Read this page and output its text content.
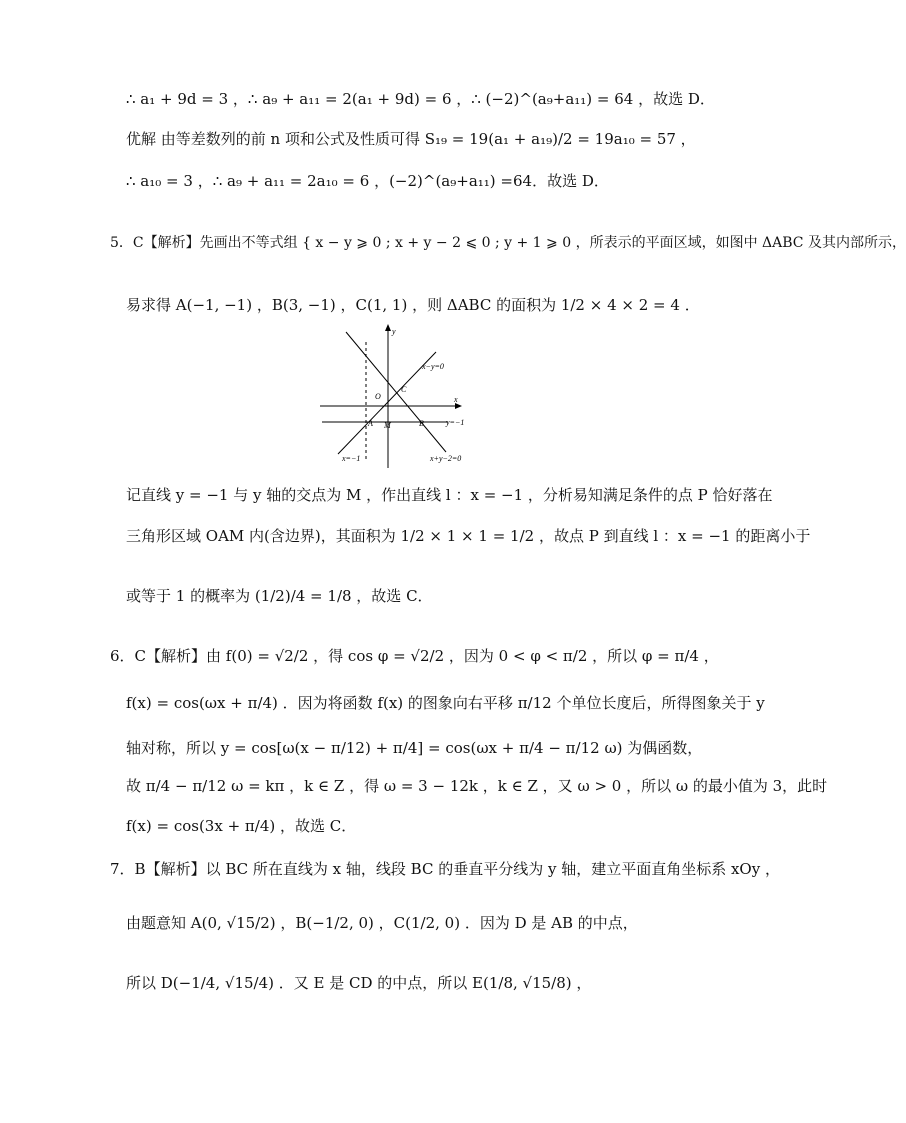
∴ a₁ + 9d = 3 ，∴ a₉ + a₁₁ = 2(a₁ + 9d) = 6 ，∴ (−2)^(a₉+a₁₁) = 64 ，故选 D．
优解 由等差数列的前 n 项和公式及性质可得 S₁₉ = 19(a₁ + a₁₉)/2 = 19a₁₀ = 57 ，
∴ a₁₀ = 3 ，∴ a₉ + a₁₁ = 2a₁₀ = 6 ，(−2)^(a₉+a₁₁) =64．故选 D．
5．C【解析】先画出不等式组 { x − y ⩾ 0 ; x + y − 2 ⩽ 0 ; y + 1 ⩾ 0 ，所表示的平面区域，如图中 ΔABC 及其内部所示，
易求得 A(−1, −1) ，B(3, −1) ，C(1, 1) ，则 ΔABC 的面积为 1/2 × 4 × 2 = 4 ．
y
x
O
C
A M	B
x−y=0
y=−1
x=−1	x+y−2=0
记直线 y = −1 与 y 轴的交点为 M ，作出直线 l ：x = −1 ，分析易知满足条件的点 P 恰好落在
三角形区域 OAM 内(含边界)，其面积为 1/2 × 1 × 1 = 1/2 ，故点 P 到直线 l ：x = −1 的距离小于
或等于 1 的概率为 (1/2)/4 = 1/8 ，故选 C．
6．C【解析】由 f(0) = √2/2 ，得 cos φ = √2/2 ，因为 0 < φ < π/2 ，所以 φ = π/4 ，
f(x) = cos(ωx + π/4) ．因为将函数 f(x) 的图象向右平移 π/12 个单位长度后，所得图象关于 y
轴对称，所以 y = cos[ω(x − π/12) + π/4] = cos(ωx + π/4 − π/12 ω) 为偶函数，
故 π/4 − π/12 ω = kπ ，k ∈ Z ，得 ω = 3 − 12k ，k ∈ Z ，又 ω > 0 ，所以 ω 的最小值为 3，此时
f(x) = cos(3x + π/4) ，故选 C．
7．B【解析】以 BC 所在直线为 x 轴，线段 BC 的垂直平分线为 y 轴，建立平面直角坐标系 xOy ，
由题意知 A(0, √15/2) ，B(−1/2, 0) ，C(1/2, 0) ．因为 D 是 AB 的中点，
所以 D(−1/4, √15/4) ．又 E 是 CD 的中点，所以 E(1/8, √15/8) ，
